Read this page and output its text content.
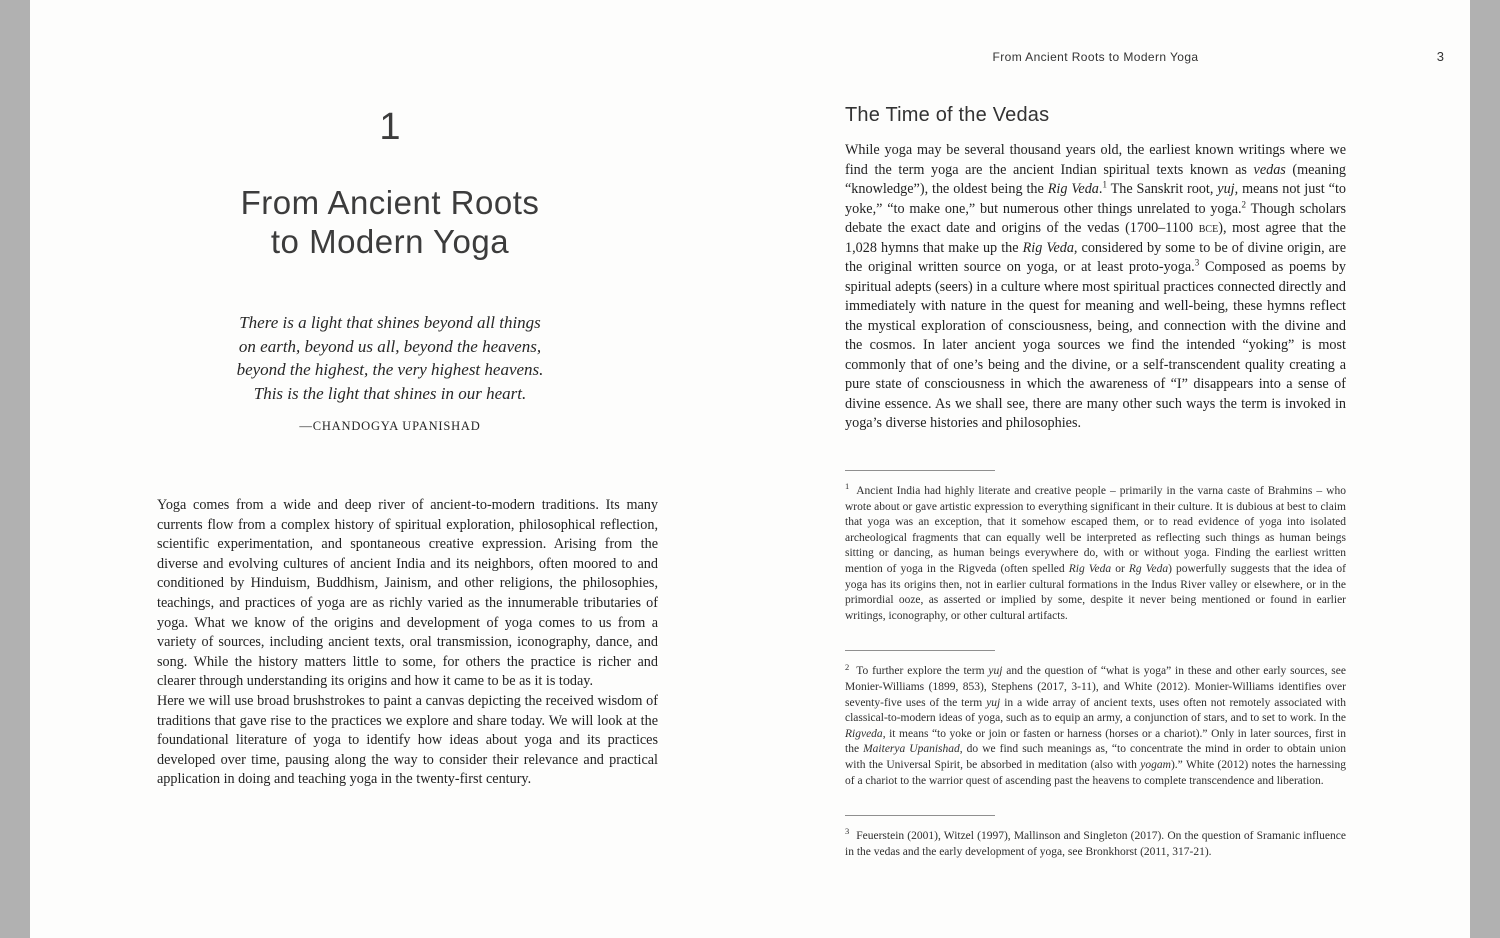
1
From Ancient Roots
to Modern Yoga
There is a light that shines beyond all things
on earth, beyond us all, beyond the heavens,
beyond the highest, the very highest heavens.
This is the light that shines in our heart.
—CHANDOGYA UPANISHAD

Yoga comes from a wide and deep river of ancient-to-modern traditions. Its many currents flow from a complex history of spiritual exploration, philosophical reflection, scientific experimentation, and spontaneous creative expression. Arising from the diverse and evolving cultures of ancient India and its neighbors, often moored to and conditioned by Hinduism, Buddhism, Jainism, and other religions, the philosophies, teachings, and practices of yoga are as richly varied as the innumerable tributaries of yoga. What we know of the origins and development of yoga comes to us from a variety of sources, including ancient texts, oral transmission, iconography, dance, and song. While the history matters little to some, for others the practice is richer and clearer through understanding its origins and how it came to be as it is today.

Here we will use broad brushstrokes to paint a canvas depicting the received wisdom of traditions that gave rise to the practices we explore and share today. We will look at the foundational literature of yoga to identify how ideas about yoga and its practices developed over time, pausing along the way to consider their relevance and practical application in doing and teaching yoga in the twenty-first century.

From Ancient Roots to Modern Yoga	3
The Time of the Vedas

While yoga may be several thousand years old, the earliest known writings where we find the term yoga are the ancient Indian spiritual texts known as vedas (meaning “knowledge”), the oldest being the Rig Veda.$^1$ The Sanskrit root, yuj, means not just “to yoke,” “to make one,” but numerous other things unrelated to yoga.$^2$ Though scholars debate the exact date and origins of the vedas (1700–1100 bce), most agree that the 1,028 hymns that make up the Rig Veda, considered by some to be of divine origin, are the original written source on yoga, or at least proto-yoga.$^3$ Composed as poems by spiritual adepts (seers) in a culture where most spiritual practices connected directly and immediately with nature in the quest for meaning and well-being, these hymns reflect the mystical exploration of consciousness, being, and connection with the divine and the cosmos. In later ancient yoga sources we find the intended “yoking” is most commonly that of one’s being and the divine, or a self-transcendent quality creating a pure state of consciousness in which the awareness of “I” disappears into a sense of divine essence. As we shall see, there are many other such ways the term is invoked in yoga’s diverse histories and philosophies.

$^1$ Ancient India had highly literate and creative people – primarily in the varna caste of Brahmins – who wrote about or gave artistic expression to everything significant in their culture. It is dubious at best to claim that yoga was an exception, that it somehow escaped them, or to read evidence of yoga into isolated archeological fragments that can equally well be interpreted as reflecting such things as human beings sitting or dancing, as human beings everywhere do, with or without yoga. Finding the earliest written mention of yoga in the Rigveda (often spelled Rig Veda or Rg Veda) powerfully suggests that the idea of yoga has its origins then, not in earlier cultural formations in the Indus River valley or elsewhere, or in the primordial ooze, as asserted or implied by some, despite it never being mentioned or found in earlier writings, iconography, or other cultural artifacts.

$^2$ To further explore the term yuj and the question of “what is yoga” in these and other early sources, see Monier-Williams (1899, 853), Stephens (2017, 3-11), and White (2012). Monier-Williams identifies over seventy-five uses of the term yuj in a wide array of ancient texts, uses often not remotely associated with classical-to-modern ideas of yoga, such as to equip an army, a conjunction of stars, and to set to work. In the Rigveda, it means “to yoke or join or fasten or harness (horses or a chariot).” Only in later sources, first in the Maiterya Upanishad, do we find such meanings as, “to concentrate the mind in order to obtain union with the Universal Spirit, be absorbed in meditation (also with yogam).” White (2012) notes the harnessing of a chariot to the warrior quest of ascending past the heavens to complete transcendence and liberation.

$^3$ Feuerstein (2001), Witzel (1997), Mallinson and Singleton (2017). On the question of Sramanic influence in the vedas and the early development of yoga, see Bronkhorst (2011, 317-21).
